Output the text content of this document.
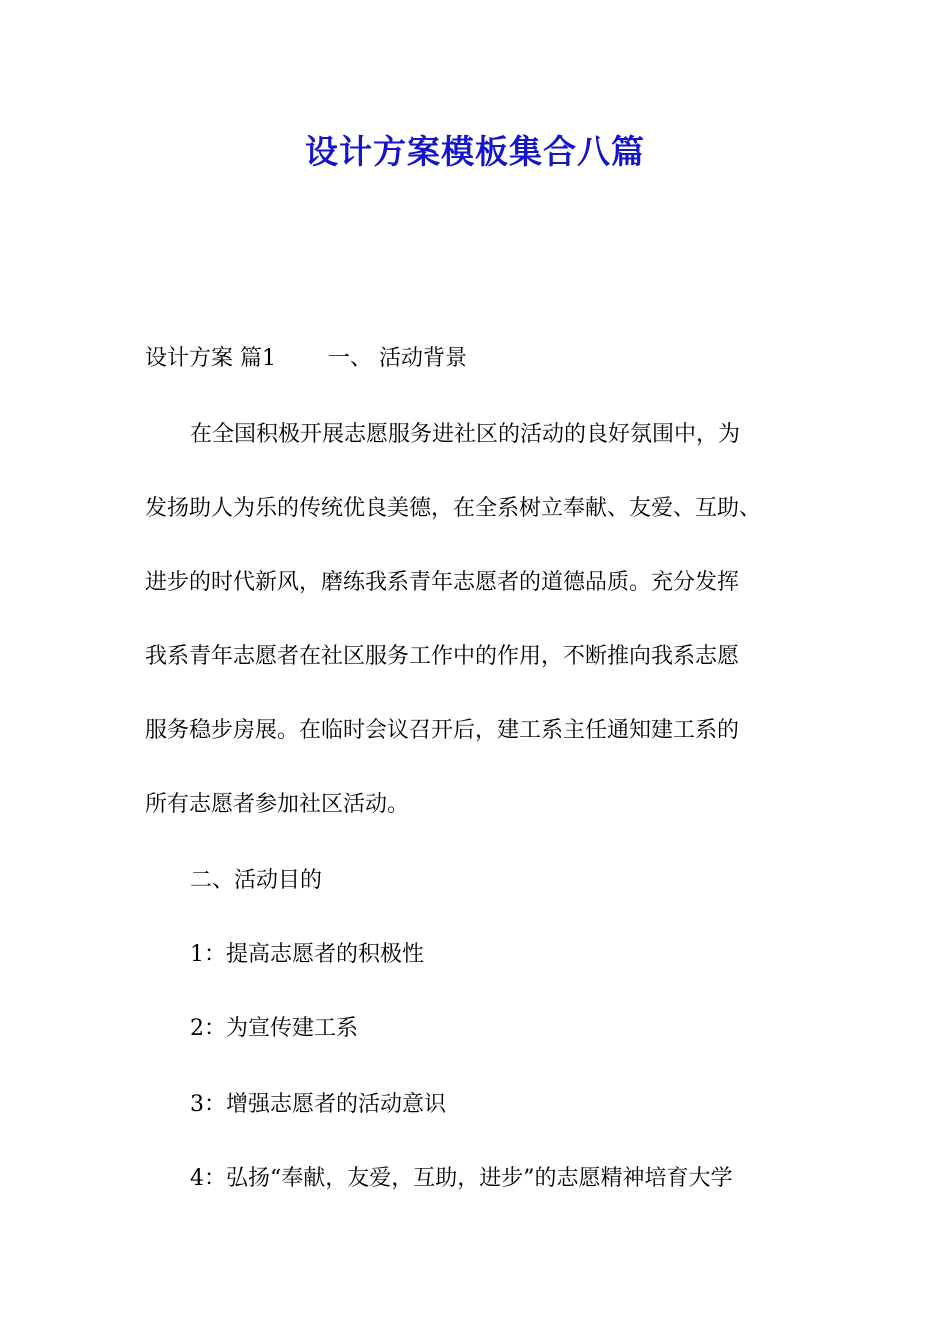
设计方案模板集合八篇
设计方案 篇1 一、 活动背景
在全国积极开展志愿服务进社区的活动的良好氛围中，为
发扬助人为乐的传统优良美德，在全系树立奉献、友爱、互助、
进步的时代新风，磨练我系青年志愿者的道德品质。充分发挥
我系青年志愿者在社区服务工作中的作用，不断推向我系志愿
服务稳步房展。在临时会议召开后，建工系主任通知建工系的
所有志愿者参加社区活动。
二、活动目的
1：提高志愿者的积极性
2：为宣传建工系
3：增强志愿者的活动意识
4：弘扬“奉献，友爱，互助，进步”的志愿精神培育大学
